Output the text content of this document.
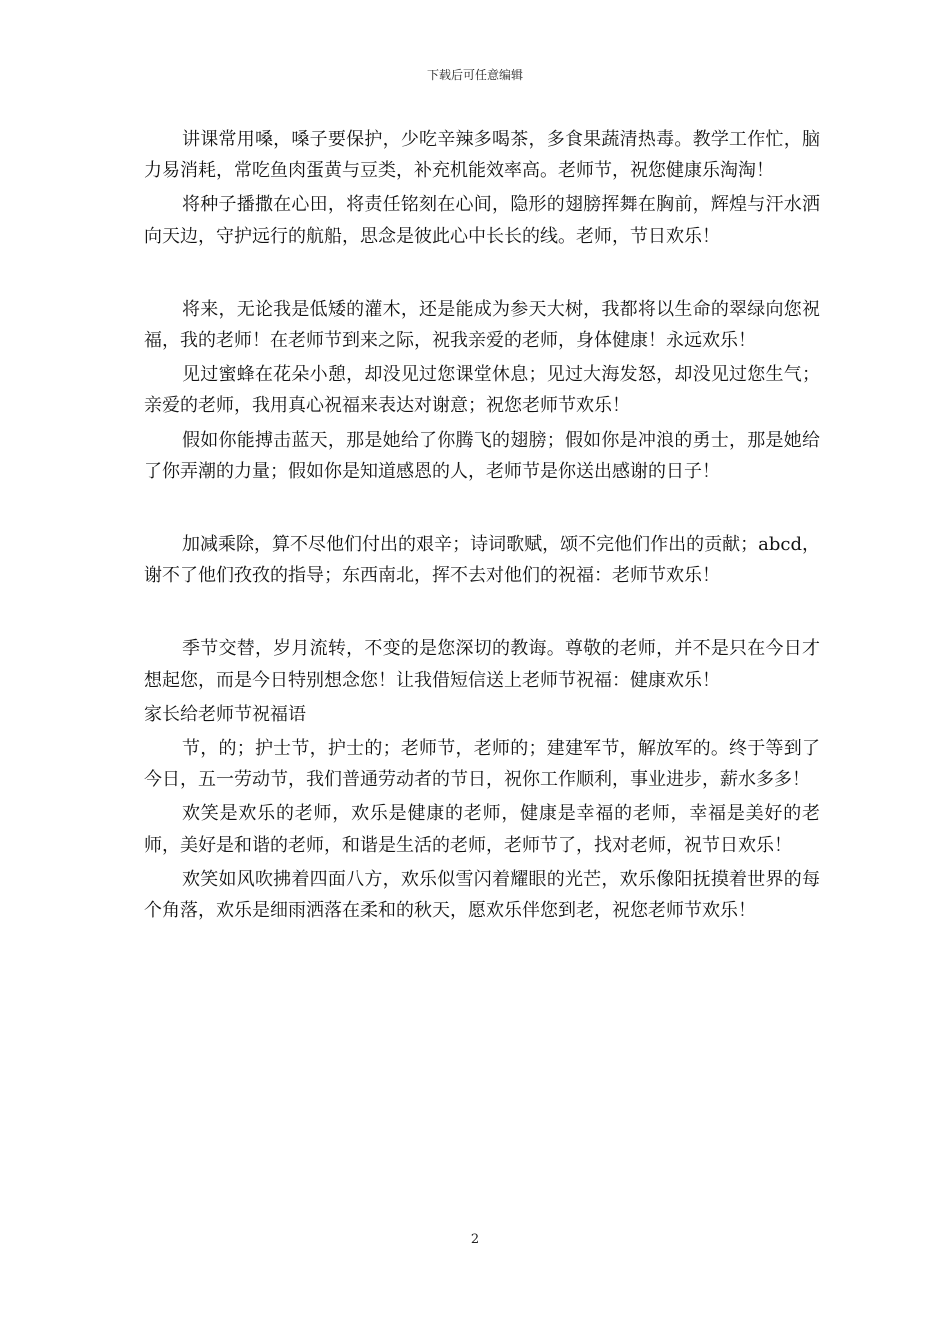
下载后可任意编辑

讲课常用嗓，嗓子要保护，少吃辛辣多喝茶，多食果蔬清热毒。教学工作忙，脑力易消耗，常吃鱼肉蛋黄与豆类，补充机能效率高。老师节，祝您健康乐淘淘！

将种子播撒在心田，将责任铭刻在心间，隐形的翅膀挥舞在胸前，辉煌与汗水洒向天边，守护远行的航船，思念是彼此心中长长的线。老师，节日欢乐！

将来，无论我是低矮的灌木，还是能成为参天大树，我都将以生命的翠绿向您祝福，我的老师！在老师节到来之际，祝我亲爱的老师，身体健康！永远欢乐！

见过蜜蜂在花朵小憩，却没见过您课堂休息；见过大海发怒，却没见过您生气；亲爱的老师，我用真心祝福来表达对谢意；祝您老师节欢乐！

假如你能搏击蓝天，那是她给了你腾飞的翅膀；假如你是冲浪的勇士，那是她给了你弄潮的力量；假如你是知道感恩的人，老师节是你送出感谢的日子！

加减乘除，算不尽他们付出的艰辛；诗词歌赋，颂不完他们作出的贡献；abcd，谢不了他们孜孜的指导；东西南北，挥不去对他们的祝福：老师节欢乐！

季节交替，岁月流转，不变的是您深切的教诲。尊敬的老师，并不是只在今日才想起您，而是今日特别想念您！让我借短信送上老师节祝福：健康欢乐！

家长给老师节祝福语

节，的；护士节，护士的；老师节，老师的；建建军节，解放军的。终于等到了今日，五一劳动节，我们普通劳动者的节日，祝你工作顺利，事业进步，薪水多多！

欢笑是欢乐的老师，欢乐是健康的老师，健康是幸福的老师，幸福是美好的老师，美好是和谐的老师，和谐是生活的老师，老师节了，找对老师，祝节日欢乐！

欢笑如风吹拂着四面八方，欢乐似雪闪着耀眼的光芒，欢乐像阳抚摸着世界的每个角落，欢乐是细雨洒落在柔和的秋天，愿欢乐伴您到老，祝您老师节欢乐！

2
